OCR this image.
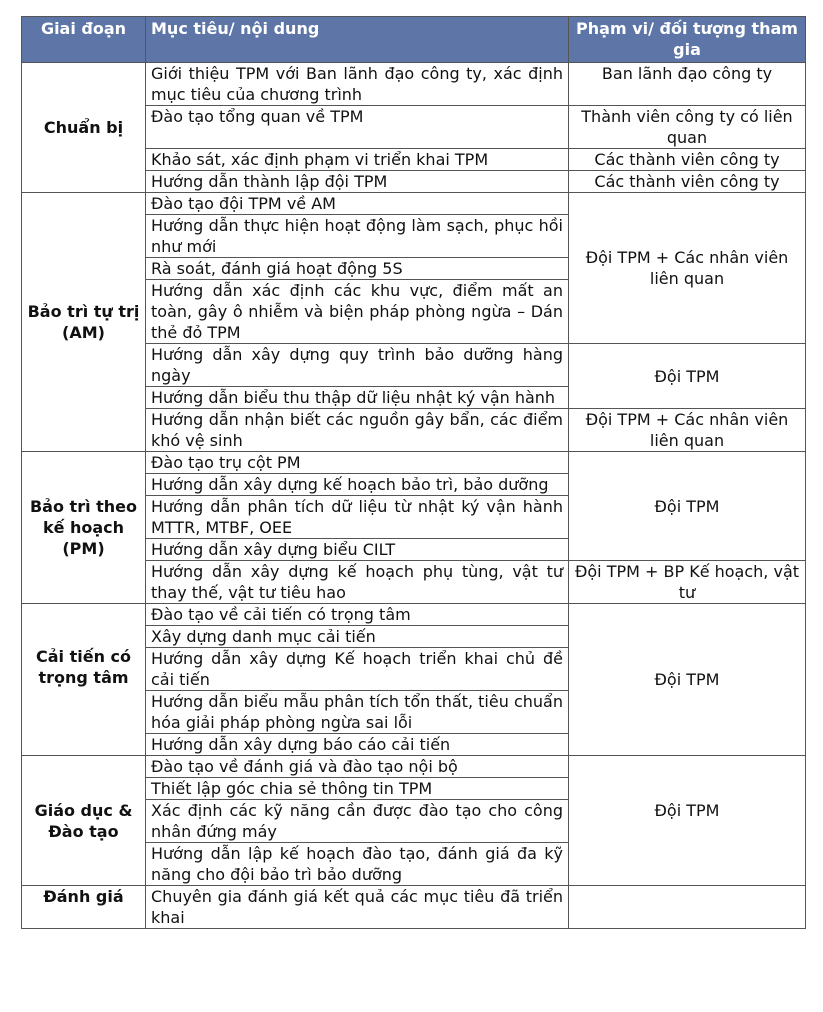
Giai đoạn	Mục tiêu/ nội dung	Phạm vi/ đối tượng tham gia
Chuẩn bị	Giới thiệu TPM với Ban lãnh đạo công ty, xác định mục tiêu của chương trình	Ban lãnh đạo công ty
	Đào tạo tổng quan về TPM	Thành viên công ty có liên quan
	Khảo sát, xác định phạm vi triển khai TPM	Các thành viên công ty
	Hướng dẫn thành lập đội TPM	Các thành viên công ty
Bảo trì tự trị (AM)	Đào tạo đội TPM về AM	Đội TPM + Các nhân viên liên quan
	Hướng dẫn thực hiện hoạt động làm sạch, phục hồi như mới	
	Rà soát, đánh giá hoạt động 5S	
	Hướng dẫn xác định các khu vực, điểm mất an toàn, gây ô nhiễm và biện pháp phòng ngừa – Dán thẻ đỏ TPM	
	Hướng dẫn xây dựng quy trình bảo dưỡng hàng ngày	Đội TPM
	Hướng dẫn biểu thu thập dữ liệu nhật ký vận hành	
	Hướng dẫn nhận biết các nguồn gây bẩn, các điểm khó vệ sinh	Đội TPM + Các nhân viên liên quan
Bảo trì theo kế hoạch (PM)	Đào tạo trụ cột PM	Đội TPM
	Hướng dẫn xây dựng kế hoạch bảo trì, bảo dưỡng	
	Hướng dẫn phân tích dữ liệu từ nhật ký vận hành MTTR, MTBF, OEE	
	Hướng dẫn xây dựng biểu CILT	
	Hướng dẫn xây dựng kế hoạch phụ tùng, vật tư thay thế, vật tư tiêu hao	Đội TPM + BP Kế hoạch, vật tư
Cải tiến có trọng tâm	Đào tạo về cải tiến có trọng tâm	Đội TPM
	Xây dựng danh mục cải tiến	
	Hướng dẫn xây dựng Kế hoạch triển khai chủ đề cải tiến	
	Hướng dẫn biểu mẫu phân tích tổn thất, tiêu chuẩn hóa giải pháp phòng ngừa sai lỗi	
	Hướng dẫn xây dựng báo cáo cải tiến	
Giáo dục & Đào tạo	Đào tạo về đánh giá và đào tạo nội bộ	Đội TPM
	Thiết lập góc chia sẻ thông tin TPM	
	Xác định các kỹ năng cần được đào tạo cho công nhân đứng máy	
	Hướng dẫn lập kế hoạch đào tạo, đánh giá đa kỹ năng cho đội bảo trì bảo dưỡng	
Đánh giá	Chuyên gia đánh giá kết quả các mục tiêu đã triển khai	
